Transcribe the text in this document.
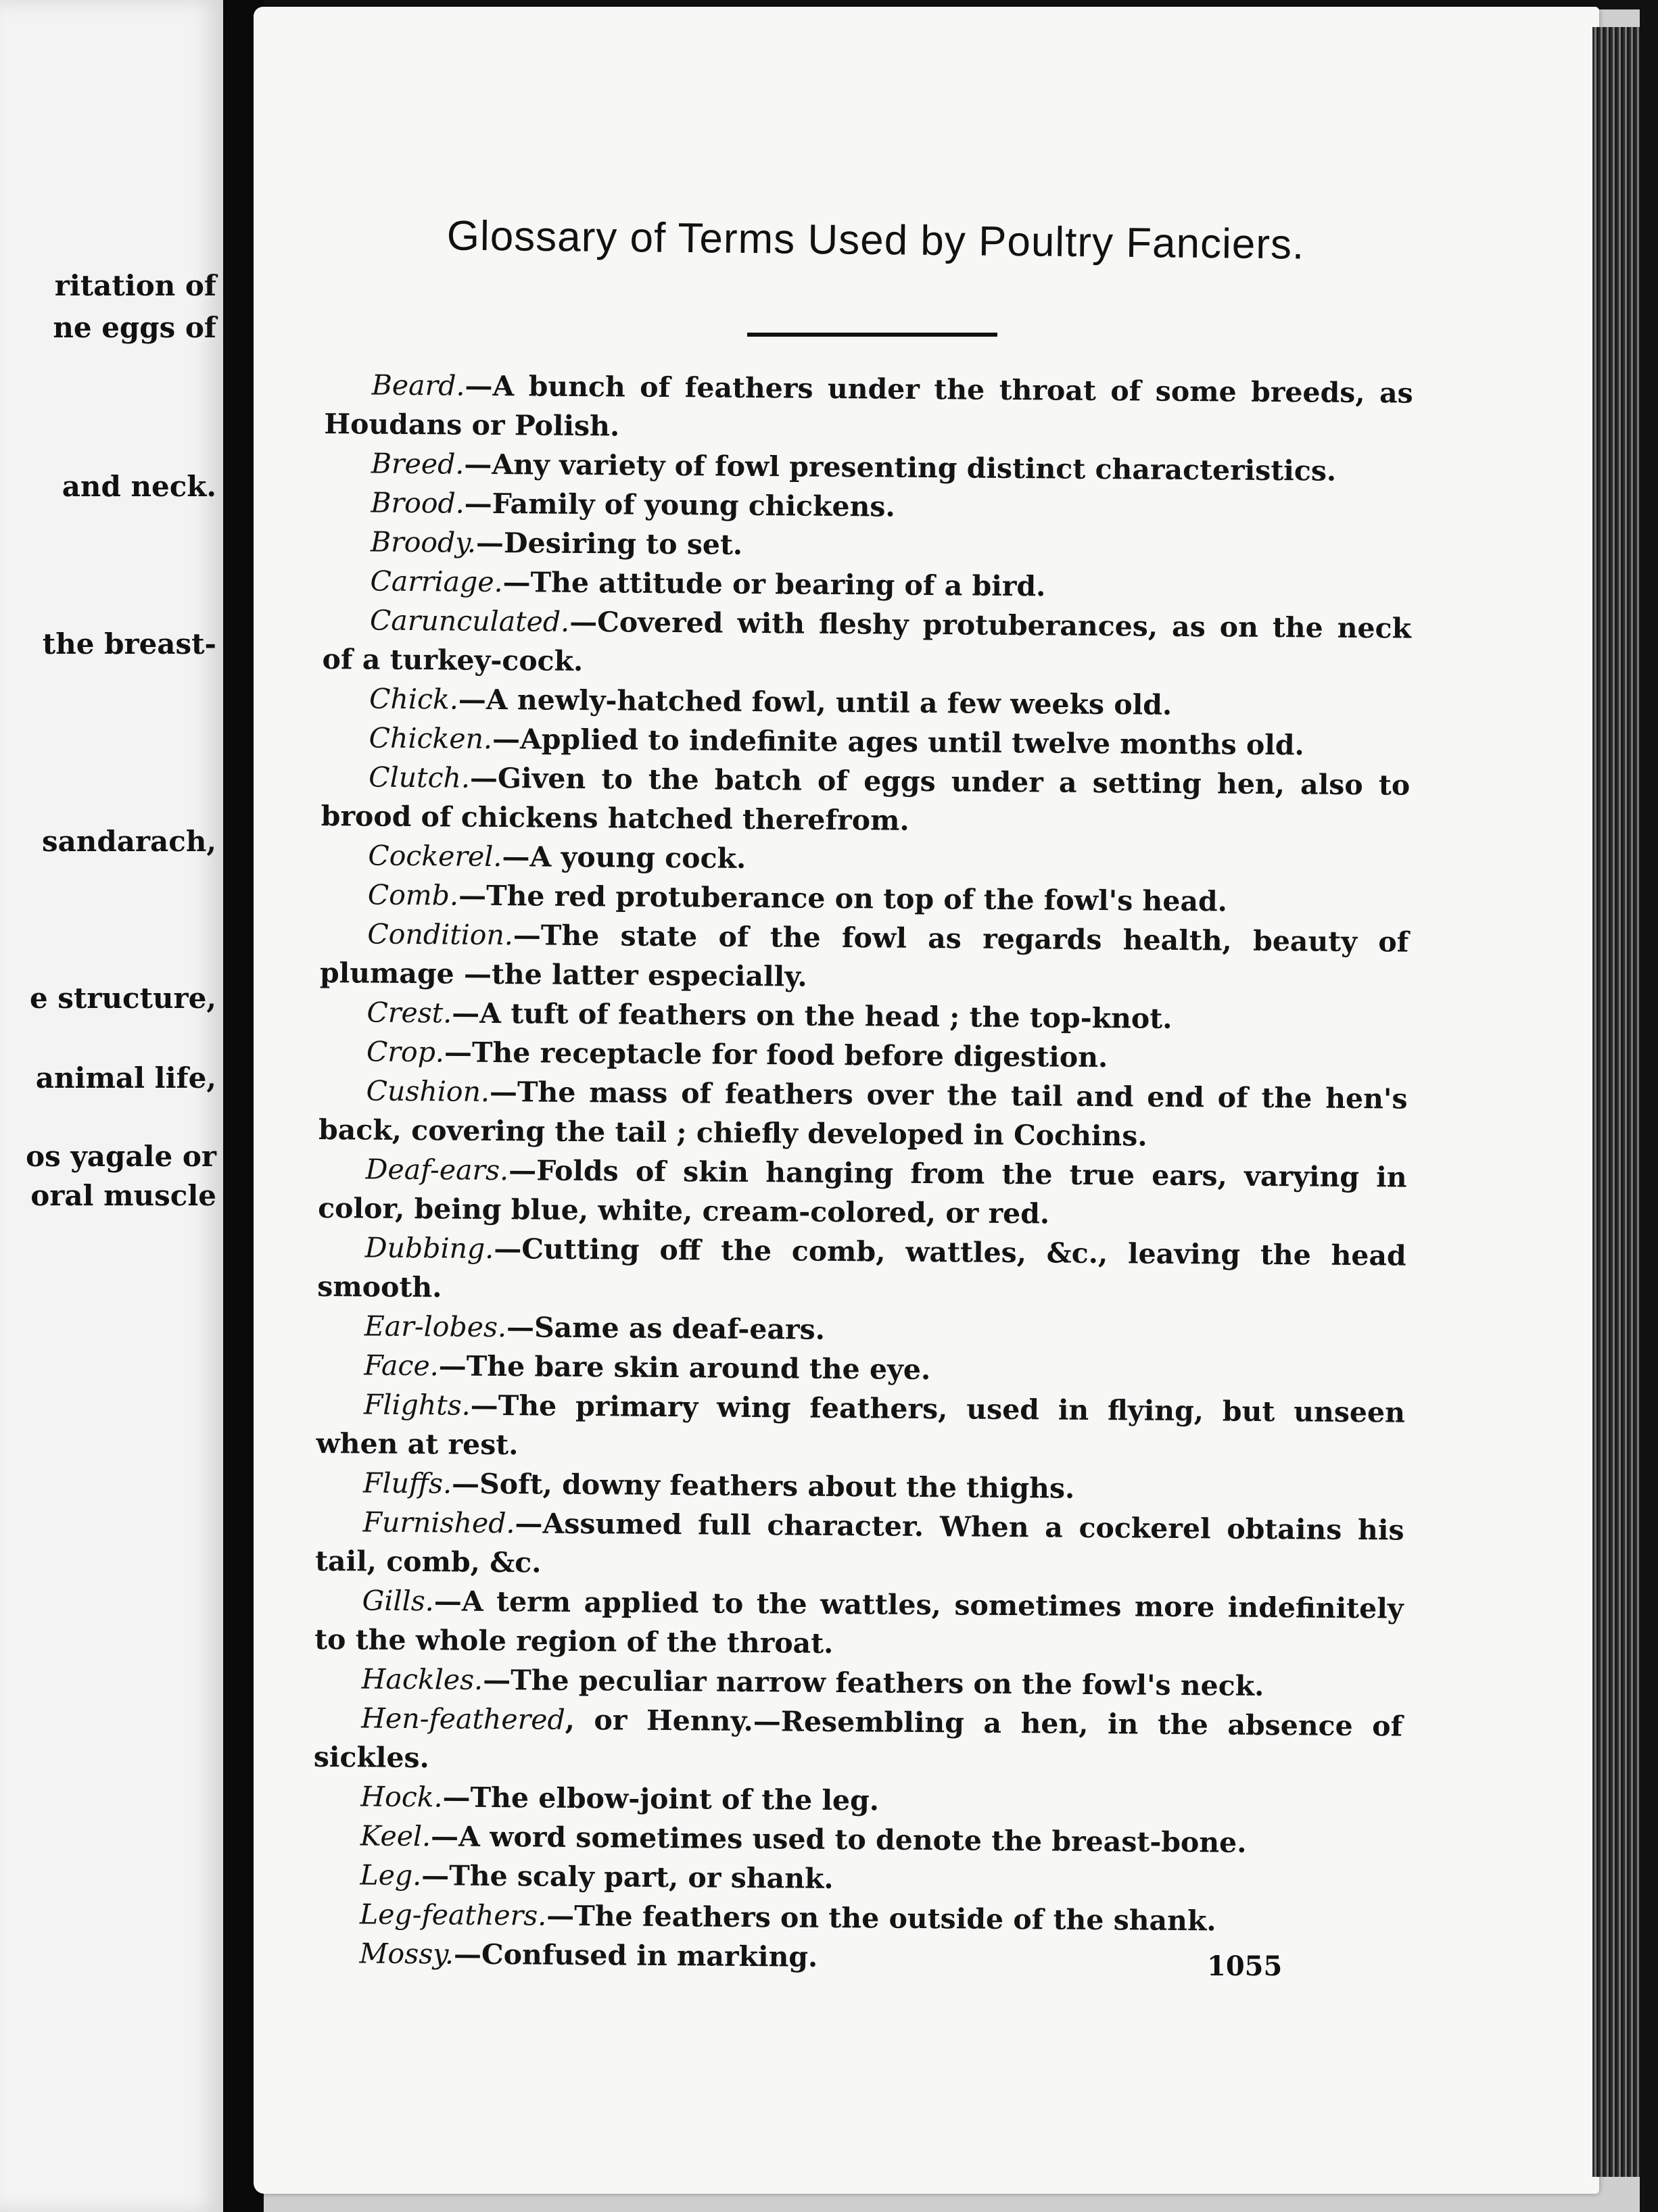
ritation of
ne eggs of
and neck.
the breast-
sandarach,
e structure,
animal life,
os yagale or
oral muscle
Glossary of Terms Used by Poultry Fanciers.

Beard.—A bunch of feathers under the throat of some breeds, as Houdans or Polish.

Breed.—Any variety of fowl presenting distinct characteristics.

Brood.—Family of young chickens.

Broody.—Desiring to set.

Carriage.—The attitude or bearing of a bird.

Carunculated.—Covered with fleshy protuberances, as on the neck of a turkey-cock.

Chick.—A newly-hatched fowl, until a few weeks old.

Chicken.—Applied to indefinite ages until twelve months old.

Clutch.—Given to the batch of eggs under a setting hen, also to brood of chickens hatched therefrom.

Cockerel.—A young cock.

Comb.—The red protuberance on top of the fowl's head.

Condition.—The state of the fowl as regards health, beauty of plumage —the latter especially.

Crest.—A tuft of feathers on the head ; the top-knot.

Crop.—The receptacle for food before digestion.

Cushion.—The mass of feathers over the tail and end of the hen's back, covering the tail ; chiefly developed in Cochins.

Deaf-ears.—Folds of skin hanging from the true ears, varying in color, being blue, white, cream-colored, or red.

Dubbing.—Cutting off the comb, wattles, &c., leaving the head smooth.

Ear-lobes.—Same as deaf-ears.

Face.—The bare skin around the eye.

Flights.—The primary wing feathers, used in flying, but unseen when at rest.

Fluffs.—Soft, downy feathers about the thighs.

Furnished.—Assumed full character. When a cockerel obtains his tail, comb, &c.

Gills.—A term applied to the wattles, sometimes more indefinitely to the whole region of the throat.

Hackles.—The peculiar narrow feathers on the fowl's neck.

Hen-feathered, or Henny.—Resembling a hen, in the absence of sickles.

Hock.—The elbow-joint of the leg.

Keel.—A word sometimes used to denote the breast-bone.

Leg.—The scaly part, or shank.

Leg-feathers.—The feathers on the outside of the shank.

Mossy.—Confused in marking.	1055
